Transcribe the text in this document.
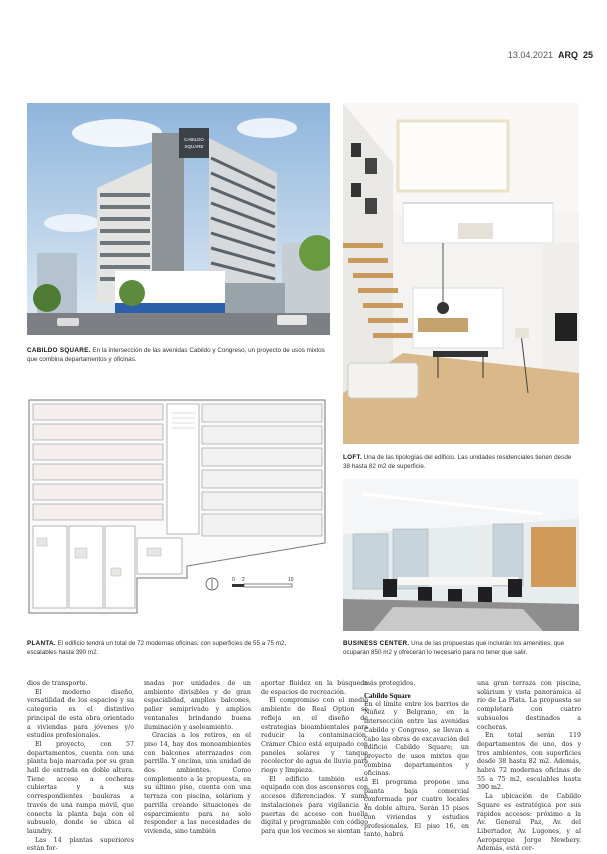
13.04.2021 ARQ 25
CABILDO
SQUARE
CABILDO SQUARE. En la intersección de las avenidas Cabildo y Congreso, un proyecto de usos mixtos que combina departamentos y oficinas.
LOFT. Una de las tipologías del edificio. Las unidades residenciales tienen desde 38 hasta 82 m2 de superficie.
0 2	10
PLANTA. El edificio tendrá un total de 72 modernas oficinas, con superficies de 55 a 75 m2, escalables hasta 390 m2.
BUSINESS CENTER. Una de las propuestas que incluirán los amenities, que ocuparán 850 m2 y ofrecerán lo necesario para no tener que salir.

dios de transporte.

El moderno diseño, versatilidad de los espacios y su categoría es el distintivo principal de esta obra orientado a viviendas para jóvenes y/o estudios profesionales.

El proyecto, con 57 departamentos, cuenta con una planta baja marcada por su gran hall de entrada en doble altura. Tiene acceso a cocheras cubiertas y a sus correspondientes bauleras a través de una rampa móvil, que conecta la planta baja con el subsuelo, donde se ubica el laundry.

Las 14 plantas superiores están for-

madas por unidades de un ambiente divisibles y de gran espacialidad, amplios balcones, palier semiprivado y amplios ventanales brindando buena iluminación y asoleamiento.

Gracias a los retiros, en el piso 14, hay dos monoambientes con balcones aterrazados con parrilla. Y encima, una unidad de dos ambientes. Como complemento a la propuesta, en su último piso, cuenta con una terraza con piscina, solárium y parrilla creando situaciones de esparcimiento para no solo responder a las necesidades de vivienda, sino también

aportar fluidez en la búsqueda de espacios de recreación.

El compromiso con el medio ambiente de Real Option se refleja en el diseño de estrategias bioambientales para reducir la contaminación. Crámer Chico está equipado con paneles solares y tanque recolector de agua de lluvia para riego y limpieza.

El edificio también está equipado con dos ascensores con accesos diferenciados. Y suma instalaciones para vigilancia y puertas de acceso con huella digital y programable con código para que los vecinos se sientan

más protegidos.

Cabildo Square

En el límite entre los barrios de Núñez y Belgrano, en la intersección entre las avenidas Cabildo y Congreso, se llevan a cabo las obras de excavación del edificio Cabildo Square; un proyecto de usos mixtos que combina departamentos y oficinas.

El programa propone una planta baja comercial conformada por cuatro locales en doble altura. Serán 15 pisos con viviendas y estudios profesionales. El piso 16, en tanto, habrá

una gran terraza con piscina, solárium y vista panorámica al río de La Plata. La propuesta se completará con cuatro subsuelos destinados a cocheras.

En total serán 119 departamentos de uno, dos y tres ambientes, con superficies desde 38 hasta 82 m2. Además, habrá 72 modernas oficinas de 55 a 75 m2, escalables hasta 390 m2.

La ubicación de Cabildo Square es estratégica por sus rápidos accesos: próximo a la Av. General Paz, Av. del Libertador, Av. Lugones, y al Aeroparque Jorge Newbery. Además, está cer-
